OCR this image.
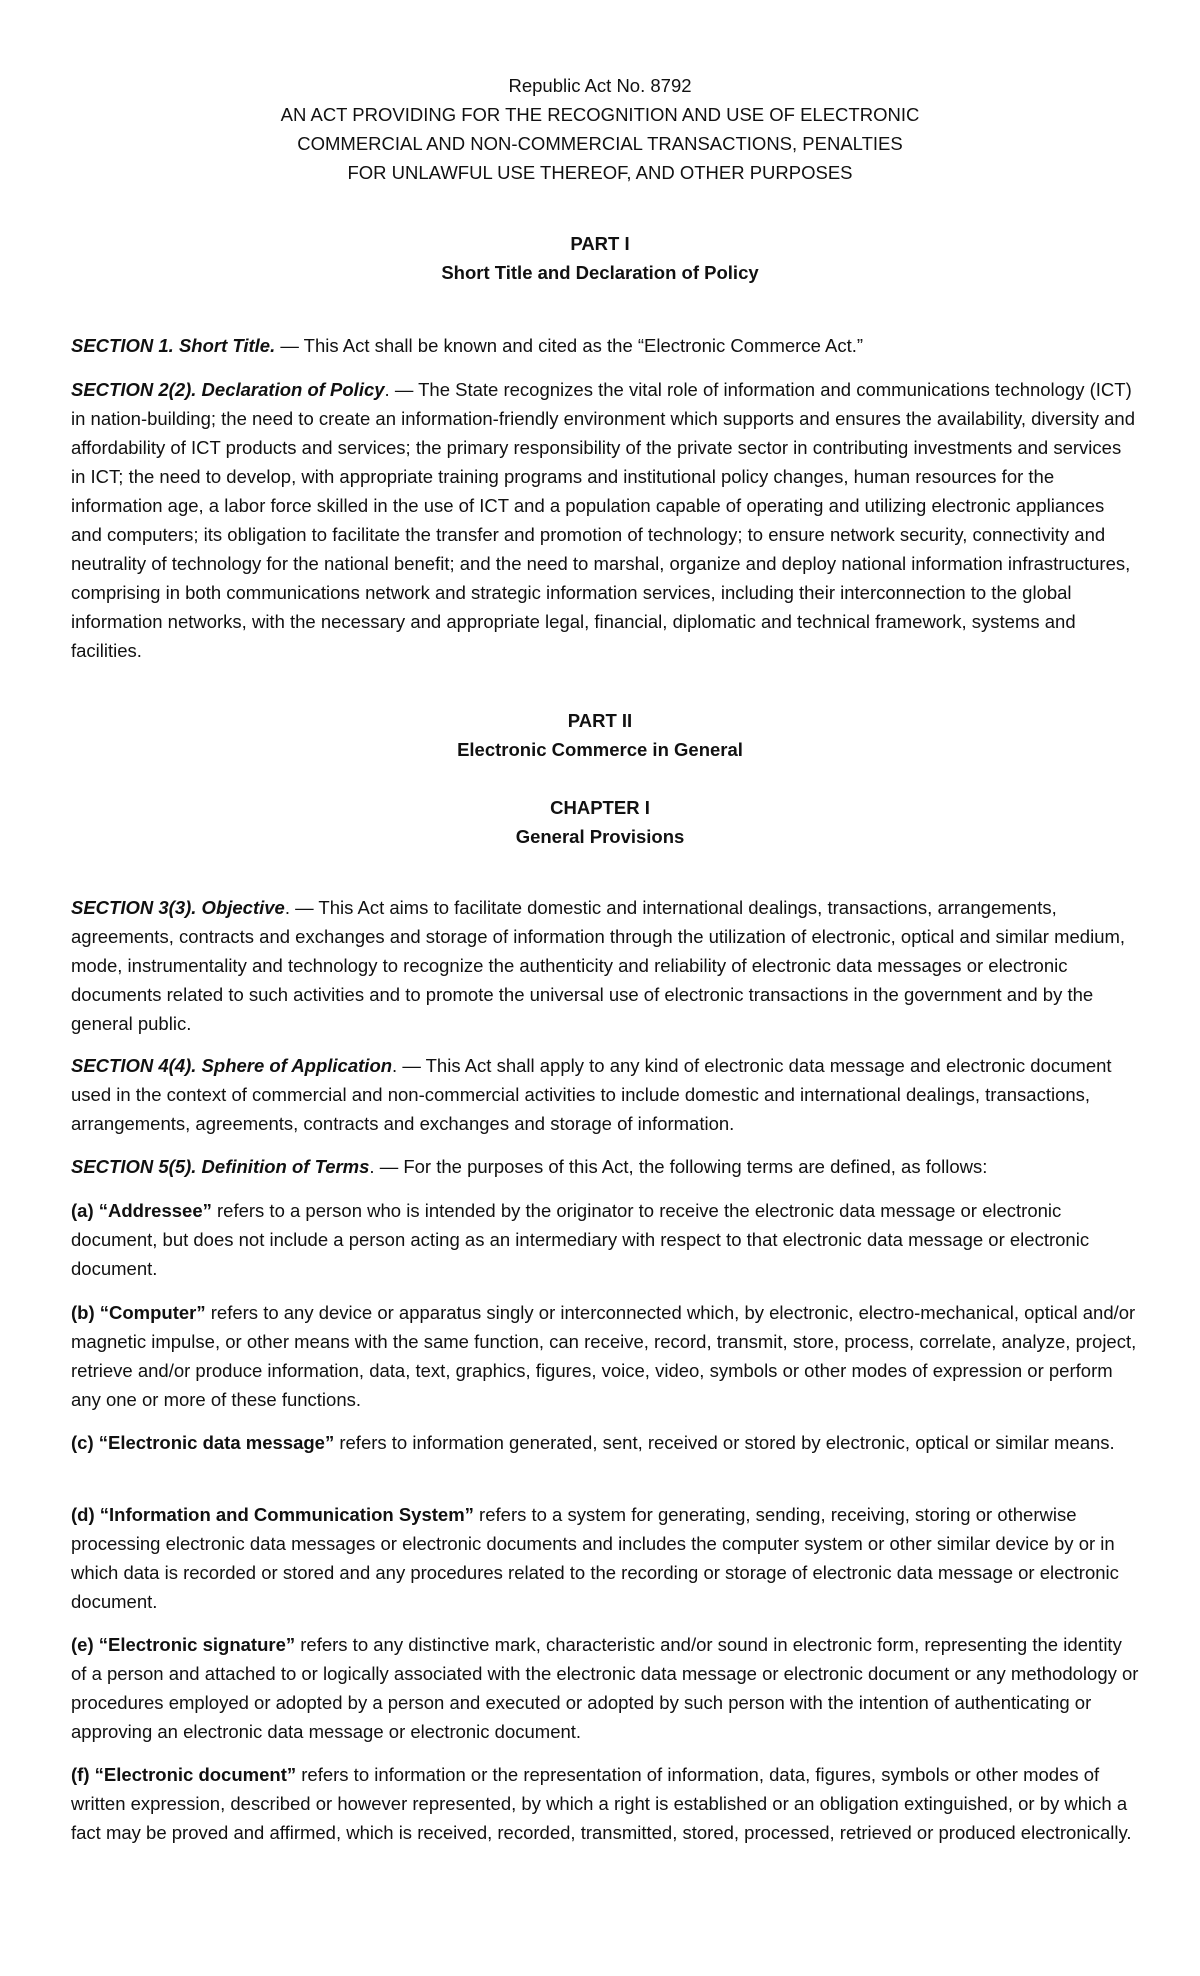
Republic Act No. 8792
AN ACT PROVIDING FOR THE RECOGNITION AND USE OF ELECTRONIC
COMMERCIAL AND NON-COMMERCIAL TRANSACTIONS, PENALTIES
FOR UNLAWFUL USE THEREOF, AND OTHER PURPOSES
PART I
Short Title and Declaration of Policy

SECTION 1. Short Title. — This Act shall be known and cited as the “Electronic Commerce Act.”

SECTION 2(2). Declaration of Policy. — The State recognizes the vital role of information and communications technology (ICT) in nation-building; the need to create an information-friendly environment which supports and ensures the availability, diversity and affordability of ICT products and services; the primary responsibility of the private sector in contributing investments and services in ICT; the need to develop, with appropriate training programs and institutional policy changes, human resources for the information age, a labor force skilled in the use of ICT and a population capable of operating and utilizing electronic appliances and computers; its obligation to facilitate the transfer and promotion of technology; to ensure network security, connectivity and neutrality of technology for the national benefit; and the need to marshal, organize and deploy national information infrastructures, comprising in both communications network and strategic information services, including their interconnection to the global information networks, with the necessary and appropriate legal, financial, diplomatic and technical framework, systems and facilities.

PART II
Electronic Commerce in General
CHAPTER I
General Provisions

SECTION 3(3). Objective. — This Act aims to facilitate domestic and international dealings, transactions, arrangements, agreements, contracts and exchanges and storage of information through the utilization of electronic, optical and similar medium, mode, instrumentality and technology to recognize the authenticity and reliability of electronic data messages or electronic documents related to such activities and to promote the universal use of electronic transactions in the government and by the general public.

SECTION 4(4). Sphere of Application. — This Act shall apply to any kind of electronic data message and electronic document used in the context of commercial and non-commercial activities to include domestic and international dealings, transactions, arrangements, agreements, contracts and exchanges and storage of information.

SECTION 5(5). Definition of Terms. — For the purposes of this Act, the following terms are defined, as follows:

(a) “Addressee” refers to a person who is intended by the originator to receive the electronic data message or electronic document, but does not include a person acting as an intermediary with respect to that electronic data message or electronic document.

(b) “Computer” refers to any device or apparatus singly or interconnected which, by electronic, electro-mechanical, optical and/or magnetic impulse, or other means with the same function, can receive, record, transmit, store, process, correlate, analyze, project, retrieve and/or produce information, data, text, graphics, figures, voice, video, symbols or other modes of expression or perform any one or more of these functions.

(c) “Electronic data message” refers to information generated, sent, received or stored by electronic, optical or similar means.

(d) “Information and Communication System” refers to a system for generating, sending, receiving, storing or otherwise processing electronic data messages or electronic documents and includes the computer system or other similar device by or in which data is recorded or stored and any procedures related to the recording or storage of electronic data message or electronic document.

(e) “Electronic signature” refers to any distinctive mark, characteristic and/or sound in electronic form, representing the identity of a person and attached to or logically associated with the electronic data message or electronic document or any methodology or procedures employed or adopted by a person and executed or adopted by such person with the intention of authenticating or approving an electronic data message or electronic document.

(f) “Electronic document” refers to information or the representation of information, data, figures, symbols or other modes of written expression, described or however represented, by which a right is established or an obligation extinguished, or by which a fact may be proved and affirmed, which is received, recorded, transmitted, stored, processed, retrieved or produced electronically.
